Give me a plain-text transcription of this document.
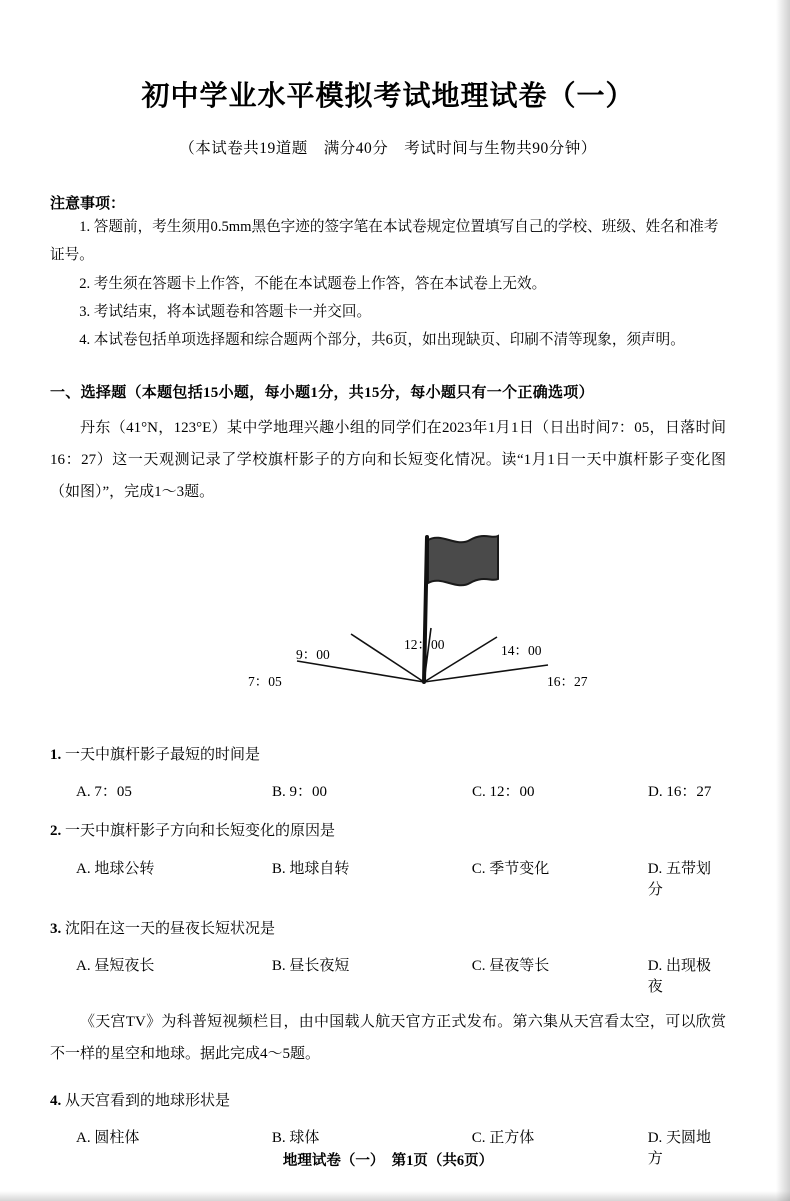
初中学业水平模拟考试地理试卷（一）
（本试卷共19道题　满分40分　考试时间与生物共90分钟）
注意事项：
1. 答题前，考生须用0.5mm黑色字迹的签字笔在本试卷规定位置填写自己的学校、班级、姓名和准考证号。
2. 考生须在答题卡上作答，不能在本试题卷上作答，答在本试卷上无效。
3. 考试结束，将本试题卷和答题卡一并交回。
4. 本试卷包括单项选择题和综合题两个部分，共6页，如出现缺页、印刷不清等现象，须声明。
一、选择题（本题包括15小题，每小题1分，共15分，每小题只有一个正确选项）
丹东（41°N，123°E）某中学地理兴趣小组的同学们在2023年1月1日（日出时间7：05，日落时间16：27）这一天观测记录了学校旗杆影子的方向和长短变化情况。读“1月1日一天中旗杆影子变化图（如图）”，完成1～3题。
9：00
12：00	14：00
7：05	16：27
1. 一天中旗杆影子最短的时间是
A. 7：05	B. 9：00	C. 12：00	D. 16：27
2. 一天中旗杆影子方向和长短变化的原因是
A. 地球公转	B. 地球自转	C. 季节变化	D. 五带划分
3. 沈阳在这一天的昼夜长短状况是
A. 昼短夜长	B. 昼长夜短	C. 昼夜等长	D. 出现极夜
《天宫TV》为科普短视频栏目，由中国载人航天官方正式发布。第六集从天宫看太空，可以欣赏不一样的星空和地球。据此完成4～5题。
4. 从天宫看到的地球形状是
A. 圆柱体	B. 球体	C. 正方体	D. 天圆地方
地理试卷（一）　第1页（共6页）
